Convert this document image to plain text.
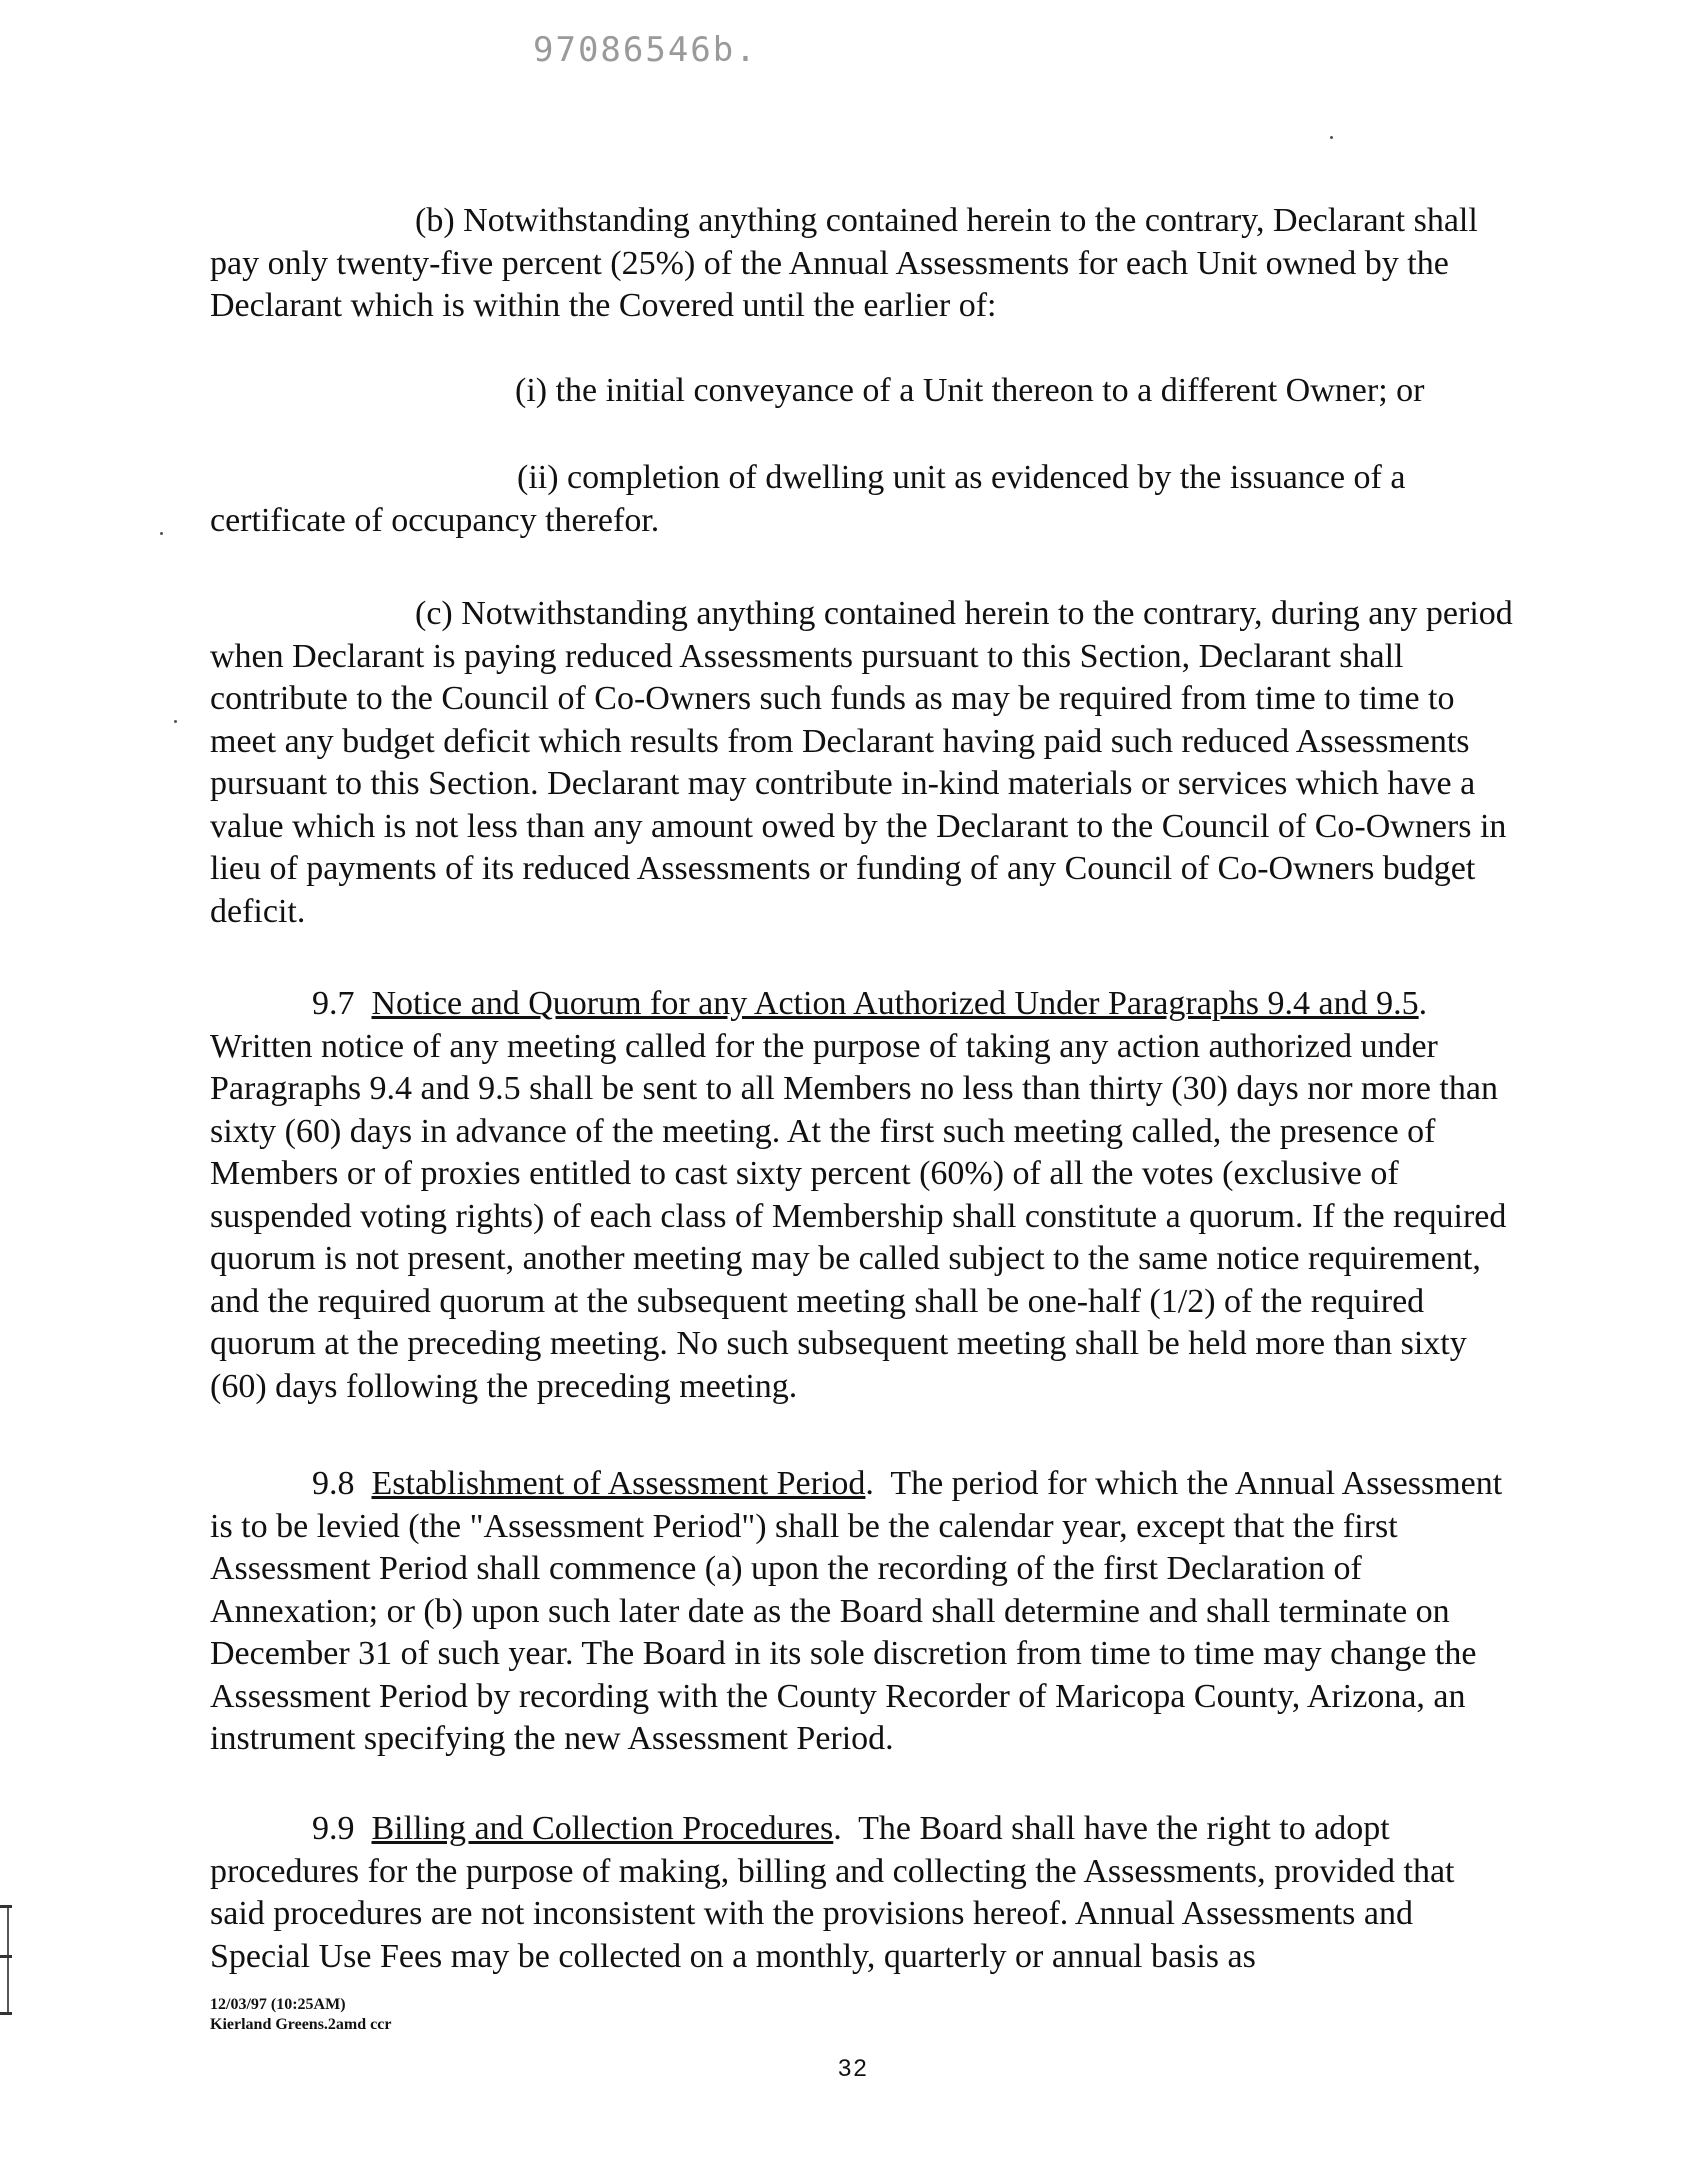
97086546b.

(b) Notwithstanding anything contained herein to the contrary, Declarant shall pay only twenty-five percent (25%) of the Annual Assessments for each Unit owned by the Declarant which is within the Covered until the earlier of:

(i) the initial conveyance of a Unit thereon to a different Owner; or

(ii) completion of dwelling unit as evidenced by the issuance of a certificate of occupancy therefor.

(c) Notwithstanding anything contained herein to the contrary, during any period when Declarant is paying reduced Assessments pursuant to this Section, Declarant shall contribute to the Council of Co-Owners such funds as may be required from time to time to meet any budget deficit which results from Declarant having paid such reduced Assessments pursuant to this Section. Declarant may contribute in-kind materials or services which have a value which is not less than any amount owed by the Declarant to the Council of Co-Owners in lieu of payments of its reduced Assessments or funding of any Council of Co-Owners budget deficit.

9.7 Notice and Quorum for any Action Authorized Under Paragraphs 9.4 and 9.5. Written notice of any meeting called for the purpose of taking any action authorized under Paragraphs 9.4 and 9.5 shall be sent to all Members no less than thirty (30) days nor more than sixty (60) days in advance of the meeting. At the first such meeting called, the presence of Members or of proxies entitled to cast sixty percent (60%) of all the votes (exclusive of suspended voting rights) of each class of Membership shall constitute a quorum. If the required quorum is not present, another meeting may be called subject to the same notice requirement, and the required quorum at the subsequent meeting shall be one-half (1/2) of the required quorum at the preceding meeting. No such subsequent meeting shall be held more than sixty (60) days following the preceding meeting.

9.8 Establishment of Assessment Period. The period for which the Annual Assessment is to be levied (the "Assessment Period") shall be the calendar year, except that the first Assessment Period shall commence (a) upon the recording of the first Declaration of Annexation; or (b) upon such later date as the Board shall determine and shall terminate on December 31 of such year. The Board in its sole discretion from time to time may change the Assessment Period by recording with the County Recorder of Maricopa County, Arizona, an instrument specifying the new Assessment Period.

9.9 Billing and Collection Procedures. The Board shall have the right to adopt procedures for the purpose of making, billing and collecting the Assessments, provided that said procedures are not inconsistent with the provisions hereof. Annual Assessments and Special Use Fees may be collected on a monthly, quarterly or annual basis as

12/03/97 (10:25AM)
Kierland Greens.2amd ccr
32
